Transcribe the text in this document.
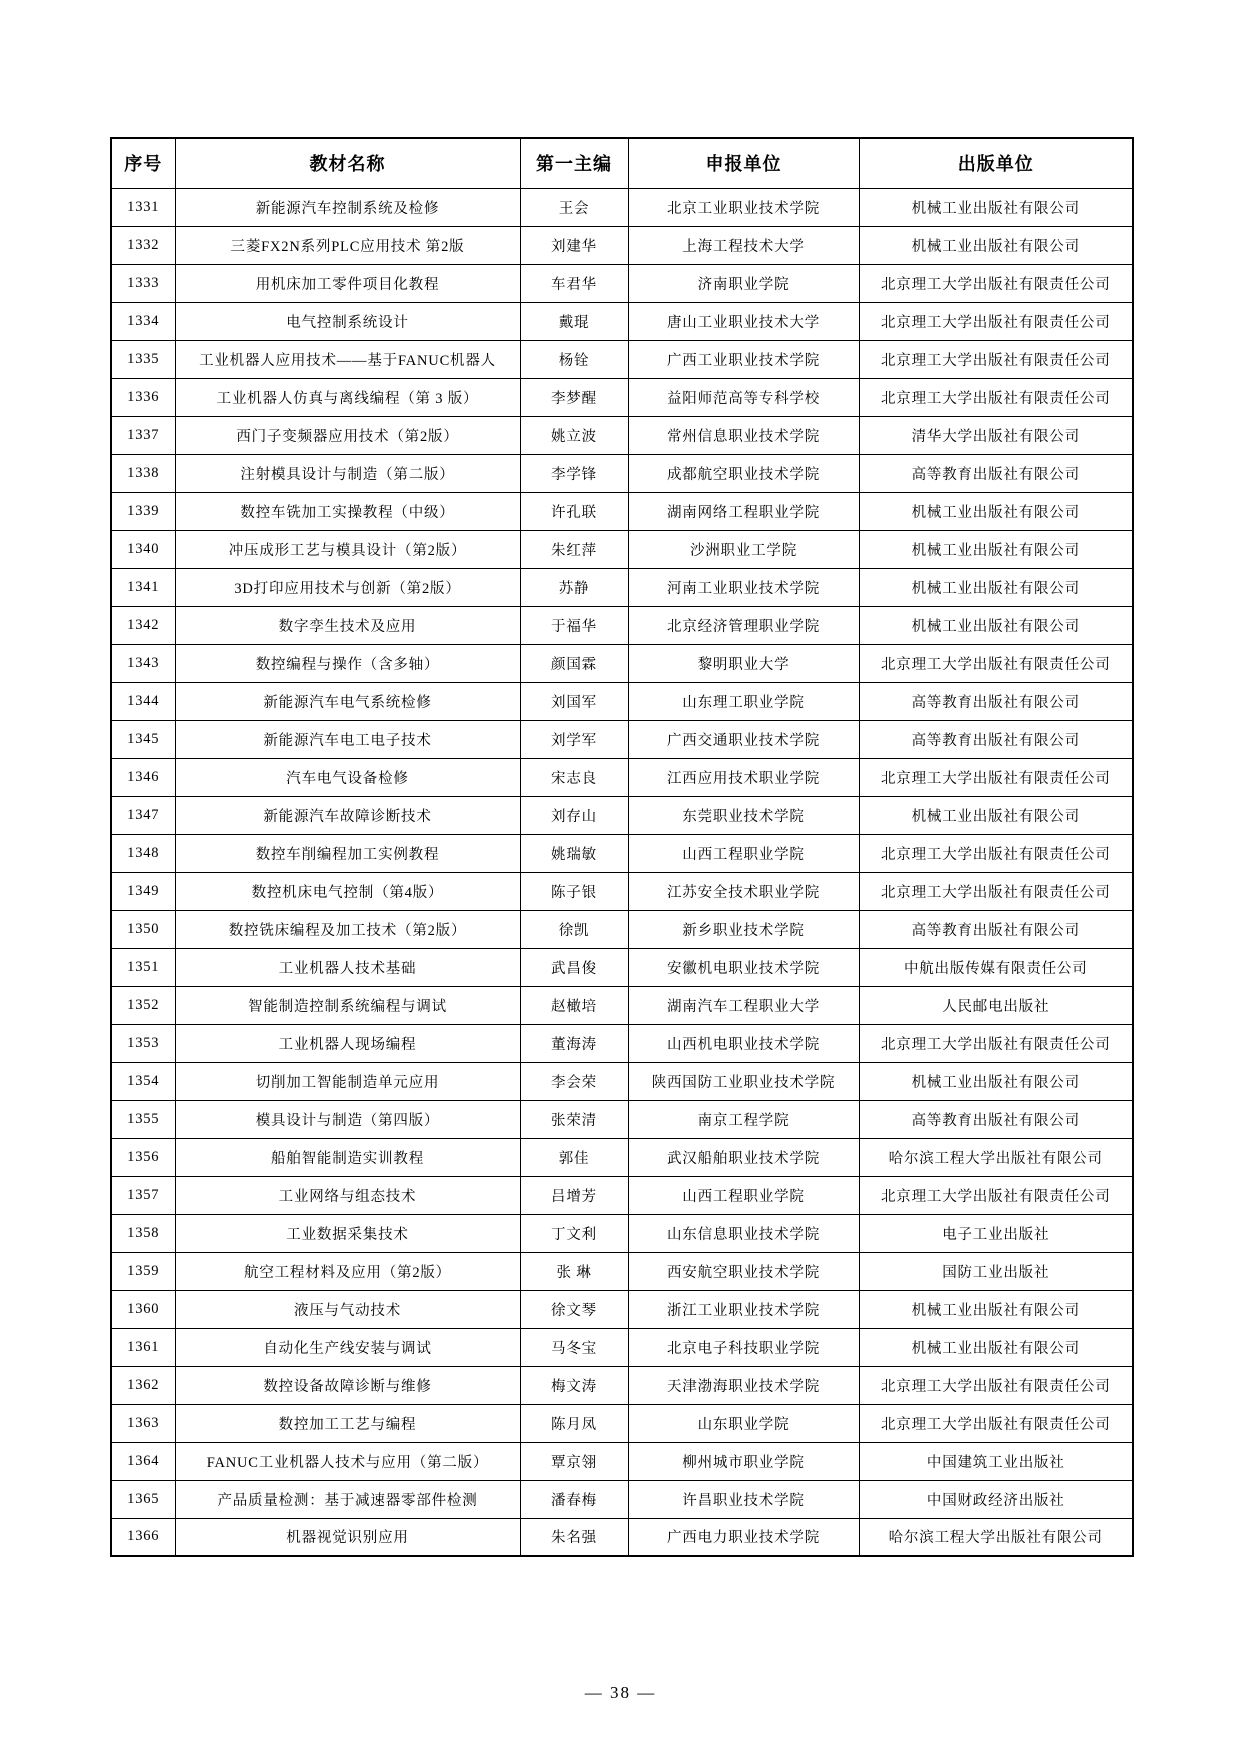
序号	教材名称	第一主编	申报单位	出版单位
1331	新能源汽车控制系统及检修	王会	北京工业职业技术学院	机械工业出版社有限公司
1332	三菱FX2N系列PLC应用技术 第2版	刘建华	上海工程技术大学	机械工业出版社有限公司
1333	用机床加工零件项目化教程	车君华	济南职业学院	北京理工大学出版社有限责任公司
1334	电气控制系统设计	戴琨	唐山工业职业技术大学	北京理工大学出版社有限责任公司
1335	工业机器人应用技术——基于FANUC机器人	杨铨	广西工业职业技术学院	北京理工大学出版社有限责任公司
1336	工业机器人仿真与离线编程（第 3 版）	李梦醒	益阳师范高等专科学校	北京理工大学出版社有限责任公司
1337	西门子变频器应用技术（第2版）	姚立波	常州信息职业技术学院	清华大学出版社有限公司
1338	注射模具设计与制造（第二版）	李学锋	成都航空职业技术学院	高等教育出版社有限公司
1339	数控车铣加工实操教程（中级）	许孔联	湖南网络工程职业学院	机械工业出版社有限公司
1340	冲压成形工艺与模具设计（第2版）	朱红萍	沙洲职业工学院	机械工业出版社有限公司
1341	3D打印应用技术与创新（第2版）	苏静	河南工业职业技术学院	机械工业出版社有限公司
1342	数字孪生技术及应用	于福华	北京经济管理职业学院	机械工业出版社有限公司
1343	数控编程与操作（含多轴）	颜国霖	黎明职业大学	北京理工大学出版社有限责任公司
1344	新能源汽车电气系统检修	刘国军	山东理工职业学院	高等教育出版社有限公司
1345	新能源汽车电工电子技术	刘学军	广西交通职业技术学院	高等教育出版社有限公司
1346	汽车电气设备检修	宋志良	江西应用技术职业学院	北京理工大学出版社有限责任公司
1347	新能源汽车故障诊断技术	刘存山	东莞职业技术学院	机械工业出版社有限公司
1348	数控车削编程加工实例教程	姚瑞敏	山西工程职业学院	北京理工大学出版社有限责任公司
1349	数控机床电气控制（第4版）	陈子银	江苏安全技术职业学院	北京理工大学出版社有限责任公司
1350	数控铣床编程及加工技术（第2版）	徐凯	新乡职业技术学院	高等教育出版社有限公司
1351	工业机器人技术基础	武昌俊	安徽机电职业技术学院	中航出版传媒有限责任公司
1352	智能制造控制系统编程与调试	赵橄培	湖南汽车工程职业大学	人民邮电出版社
1353	工业机器人现场编程	董海涛	山西机电职业技术学院	北京理工大学出版社有限责任公司
1354	切削加工智能制造单元应用	李会荣	陕西国防工业职业技术学院	机械工业出版社有限公司
1355	模具设计与制造（第四版）	张荣清	南京工程学院	高等教育出版社有限公司
1356	船舶智能制造实训教程	郭佳	武汉船舶职业技术学院	哈尔滨工程大学出版社有限公司
1357	工业网络与组态技术	吕增芳	山西工程职业学院	北京理工大学出版社有限责任公司
1358	工业数据采集技术	丁文利	山东信息职业技术学院	电子工业出版社
1359	航空工程材料及应用（第2版）	张 琳	西安航空职业技术学院	国防工业出版社
1360	液压与气动技术	徐文琴	浙江工业职业技术学院	机械工业出版社有限公司
1361	自动化生产线安装与调试	马冬宝	北京电子科技职业学院	机械工业出版社有限公司
1362	数控设备故障诊断与维修	梅文涛	天津渤海职业技术学院	北京理工大学出版社有限责任公司
1363	数控加工工艺与编程	陈月凤	山东职业学院	北京理工大学出版社有限责任公司
1364	FANUC工业机器人技术与应用（第二版）	覃京翎	柳州城市职业学院	中国建筑工业出版社
1365	产品质量检测：基于减速器零部件检测	潘春梅	许昌职业技术学院	中国财政经济出版社
1366	机器视觉识别应用	朱名强	广西电力职业技术学院	哈尔滨工程大学出版社有限公司
— 38 —
